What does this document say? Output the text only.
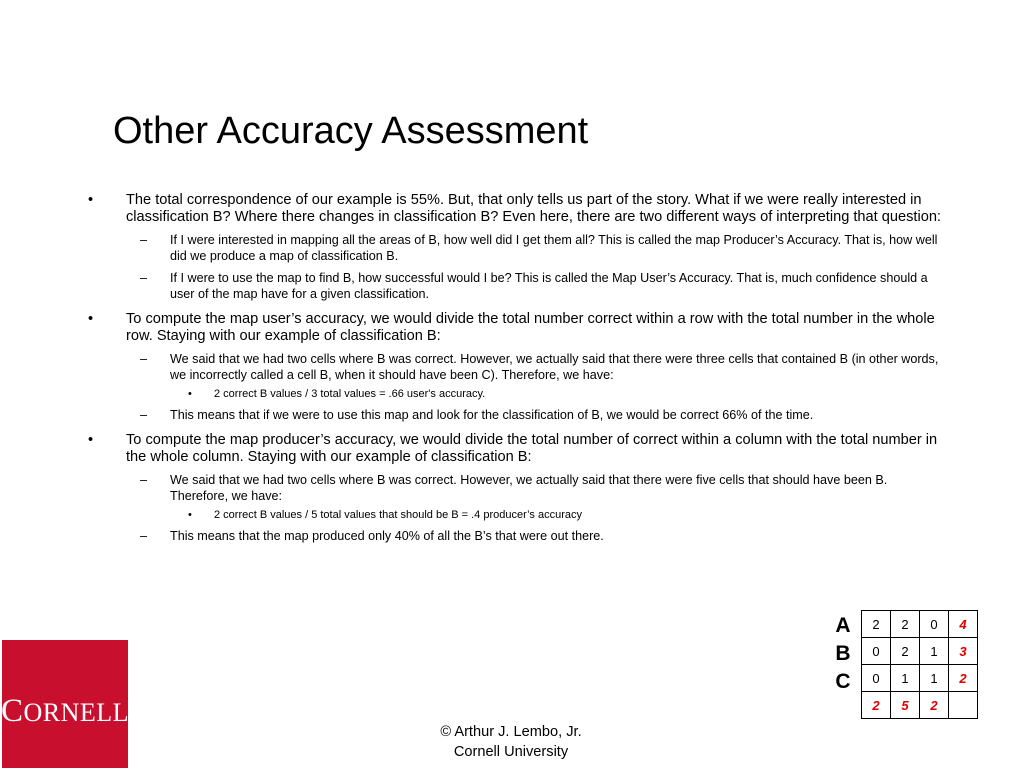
Other Accuracy Assessment
• The total correspondence of our example is 55%. But, that only tells us part of the story. What if we were really interested in classification B? Where there changes in classification B? Even here, there are two different ways of interpreting that question:
– If I were interested in mapping all the areas of B, how well did I get them all? This is called the map Producer’s Accuracy. That is, how well did we produce a map of classification B.
– If I were to use the map to find B, how successful would I be? This is called the Map User’s Accuracy. That is, much confidence should a user of the map have for a given classification.
• To compute the map user’s accuracy, we would divide the total number correct within a row with the total number in the whole row. Staying with our example of classification B:
– We said that we had two cells where B was correct. However, we actually said that there were three cells that contained B (in other words, we incorrectly called a cell B, when it should have been C). Therefore, we have:
• 2 correct B values / 3 total values = .66 user's accuracy.
– This means that if we were to use this map and look for the classification of B, we would be correct 66% of the time.
• To compute the map producer’s accuracy, we would divide the total number of correct within a column with the total number in the whole column. Staying with our example of classification B:
– We said that we had two cells where B was correct. However, we actually said that there were five cells that should have been B. Therefore, we have:
• 2 correct B values / 5 total values that should be B = .4 producer’s accuracy
– This means that the map produced only 40% of all the B’s that were out there.
CORNELL
© Arthur J. Lembo, Jr.
Cornell University
A
B
C
2	2	0	4
0	2	1	3
0	1	1	2
2	5	2	
